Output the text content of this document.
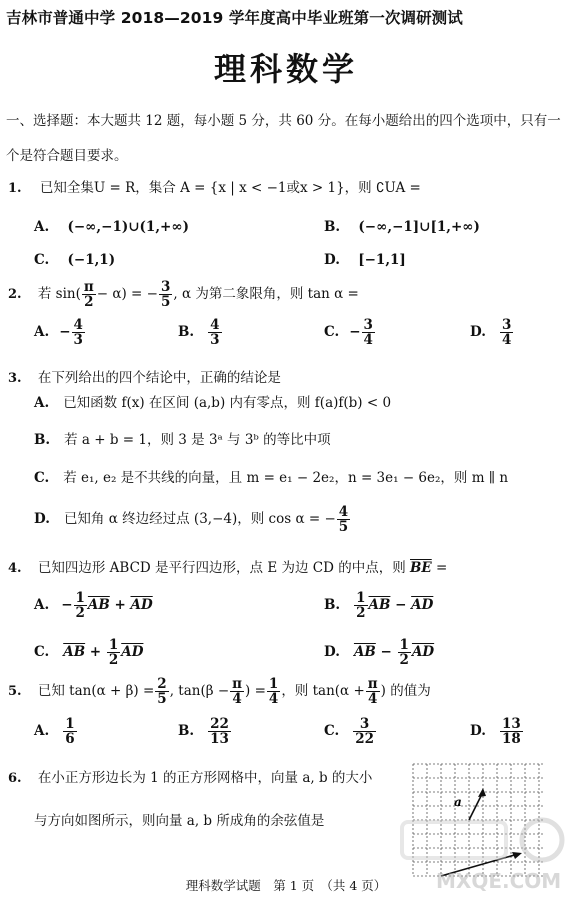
吉林市普通中学 2018—2019 学年度高中毕业班第一次调研测试
理科数学
一、选择题：本大题共 12 题，每小题 5 分，共 60 分。在每小题给出的四个选项中，只有一个是符合题目要求。
1. 已知全集U = R，集合 A = {x | x < −1或x > 1}，则 ∁UA =
A. (−∞,−1)∪(1,+∞)	B. (−∞,−1]∪[1,+∞)
C. (−1,1)	D. [−1,1]
2. 若 $\sin( \frac{\pi}{2} - \alpha)$ = − $\frac{3}{5}$ , α 为第二象限角，则 tan α =
A. − $\frac{4}{3}$	B. $\frac{4}{3}$	C. − $\frac{3}{4}$	D. $\frac{3}{4}$
3. 在下列给出的四个结论中，正确的结论是
A. 已知函数 f(x) 在区间 (a,b) 内有零点，则 f(a)f(b) < 0
B. 若 a + b = 1，则 3 是 3ᵃ 与 3ᵇ 的等比中项
C. 若 e₁, e₂ 是不共线的向量，且 m = e₁ − 2e₂，n = 3e₁ − 6e₂，则 m ∥ n
D. 已知角 α 终边经过点 (3,−4)，则 cos α = − $\frac{4}{5}$
4. 已知四边形 ABCD 是平行四边形，点 E 为边 CD 的中点，则 $\overline{BE}$ =
A. − $\frac{1}{2} \overline{AB} + \overline{AD}$	B. $\frac{1}{2} \overline{AB} - \overline{AD}$
C. $\overline{AB} + \frac{1}{2} \overline{AD}$	D. $\overline{AB} - \frac{1}{2} \overline{AD}$
5. 已知 $\tan(\alpha + \beta) = \frac{2}{5}$ , $\tan(\beta - \frac{\pi}{4}$ ) = $\frac{1}{4}$ ，则 $\tan(\alpha + \frac{\pi}{4}$ ) 的值为
A. $\frac{1}{6}$	B. $\frac{22}{13}$	C. $\frac{3}{22}$	D. $\frac{13}{18}$
6. 在小正方形边长为 1 的正方形网格中，向量 a, b 的大小
与方向如图所示，则向量 a, b 所成角的余弦值是
a
理科数学试题　第 1 页　（共 4 页）	MXQE.COM
